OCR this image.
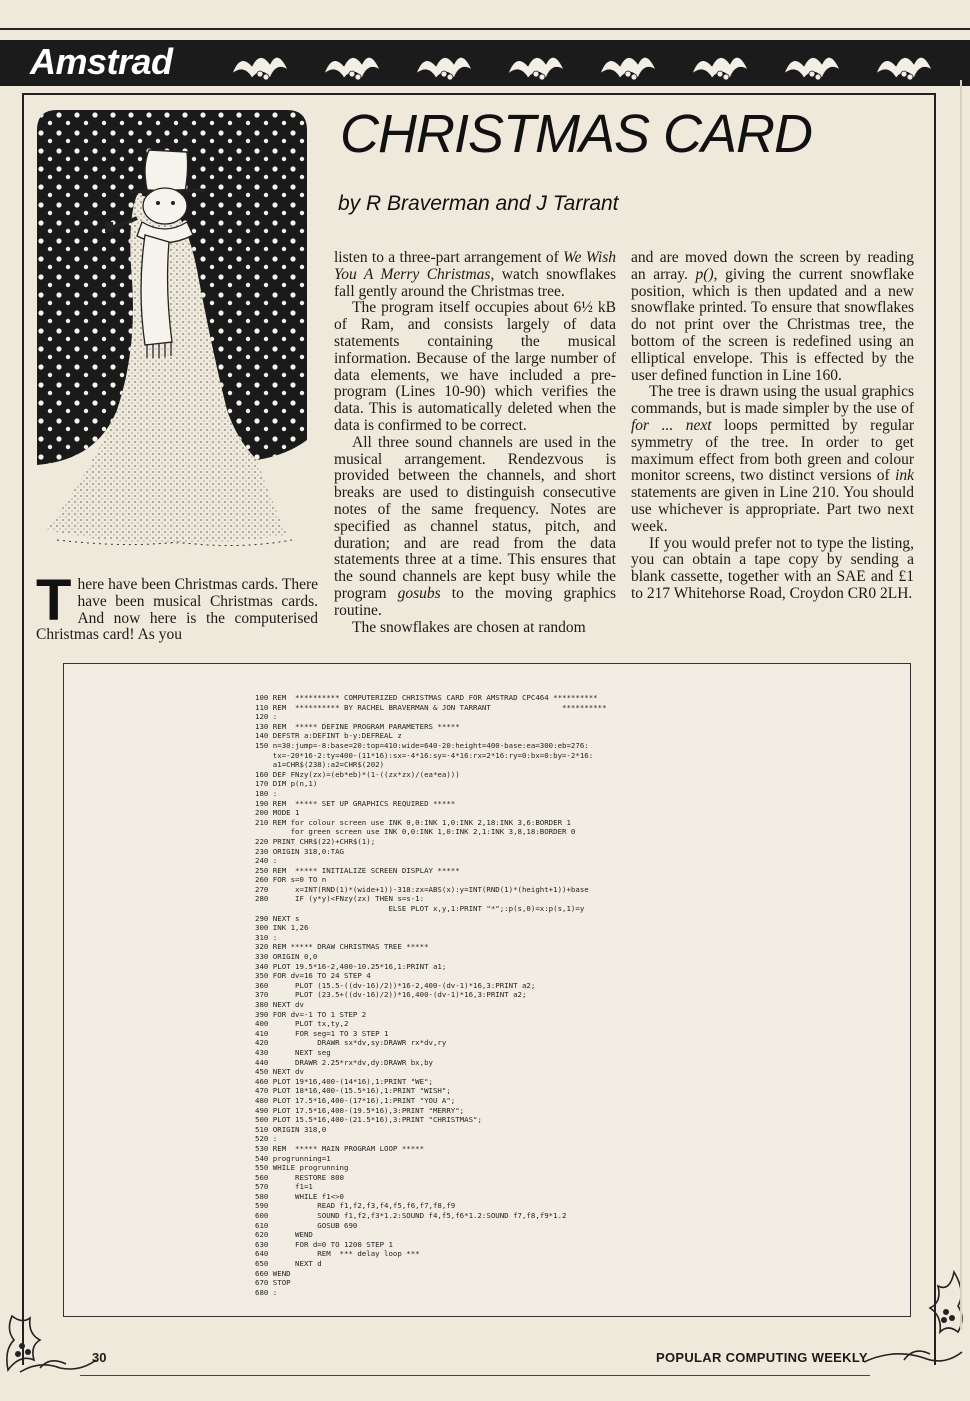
Amstrad
CHRISTMAS CARD
by R Braverman and J Tarrant

There have been Christmas cards. There have been musical Christmas cards. And now here is the computerised Christmas card! As you

listen to a three-part arrangement of We Wish You A Merry Christmas, watch snowflakes fall gently around the Christmas tree.

The program itself occupies about 6½ kB of Ram, and consists largely of data statements containing the musical information. Because of the large number of data elements, we have included a pre-program (Lines 10-90) which verifies the data. This is automatically deleted when the data is confirmed to be correct.

All three sound channels are used in the musical arrangement. Rendezvous is provided between the channels, and short breaks are used to distinguish consecutive notes of the same frequency. Notes are specified as channel status, pitch, and duration; and are read from the data statements three at a time. This ensures that the sound channels are kept busy while the program gosubs to the moving graphics routine.

The snowflakes are chosen at random

and are moved down the screen by reading an array. p(), giving the current snowflake position, which is then updated and a new snowflake printed. To ensure that snowflakes do not print over the Christmas tree, the bottom of the screen is redefined using an elliptical envelope. This is effected by the user defined function in Line 160.

The tree is drawn using the usual graphics commands, but is made simpler by the use of for ... next loops permitted by regular symmetry of the tree. In order to get maximum effect from both green and colour monitor screens, two distinct versions of ink statements are given in Line 210. You should use whichever is appropriate. Part two next week.

If you would prefer not to type the listing, you can obtain a tape copy by sending a blank cassette, together with an SAE and £1 to 217 Whitehorse Road, Croydon CR0 2LH.

100 REM  ********** COMPUTERIZED CHRISTMAS CARD FOR AMSTRAD CPC464 **********
110 REM  ********** BY RACHEL BRAVERMAN & JON TARRANT                **********
120 :
130 REM  ***** DEFINE PROGRAM PARAMETERS *****
140 DEFSTR a:DEFINT b-y:DEFREAL z
150 n=30:jump=-8:base=20:top=410:wide=640-20:height=400-base:ea=300:eb=276:
tx=-20*16-2:ty=400-(11*16):sx=-4*16:sy=-4*16:rx=2*16:ry=0:bx=0:by=-2*16:
a1=CHR$(238):a2=CHR$(202)
160 DEF FNzy(zx)=(eb*eb)*(1-((zx*zx)/(ea*ea)))
170 DIM p(n,1)
180 :
190 REM  ***** SET UP GRAPHICS REQUIRED *****
200 MODE 1
210 REM for colour screen use INK 0,0:INK 1,0:INK 2,18:INK 3,6:BORDER 1
for green screen use INK 0,0:INK 1,0:INK 2,1:INK 3,8,18:BORDER 0
220 PRINT CHR$(22)+CHR$(1);
230 ORIGIN 318,0:TAG
240 :
250 REM  ***** INITIALIZE SCREEN DISPLAY *****
260 FOR s=0 TO n
270      x=INT(RND(1)*(wide+1))-318:zx=ABS(x):y=INT(RND(1)*(height+1))+base
280      IF (y*y)<FNzy(zx) THEN s=s-1:
ELSE PLOT x,y,1:PRINT "*";:p(s,0)=x:p(s,1)=y
290 NEXT s
300 INK 1,26
310 :
320 REM ***** DRAW CHRISTMAS TREE *****
330 ORIGIN 0,0
340 PLOT 19.5*16-2,400-10.25*16,1:PRINT a1;
350 FOR dv=16 TO 24 STEP 4
360      PLOT (15.5-((dv-16)/2))*16-2,400-(dv-1)*16,3:PRINT a2;
370      PLOT (23.5+((dv-16)/2))*16,400-(dv-1)*16,3:PRINT a2;
380 NEXT dv
390 FOR dv=-1 TO 1 STEP 2
400      PLOT tx,ty,2
410      FOR seg=1 TO 3 STEP 1
420           DRAWR sx*dv,sy:DRAWR rx*dv,ry
430      NEXT seg
440      DRAWR 2.25*rx*dv,dy:DRAWR bx,by
450 NEXT dv
460 PLOT 19*16,400-(14*16),1:PRINT "WE";
470 PLOT 18*16,400-(15.5*16),1:PRINT "WISH";
480 PLOT 17.5*16,400-(17*16),1:PRINT "YOU A";
490 PLOT 17.5*16,400-(19.5*16),3:PRINT "MERRY";
500 PLOT 15.5*16,400-(21.5*16),3:PRINT "CHRISTMAS";
510 ORIGIN 318,0
520 :
530 REM  ***** MAIN PROGRAM LOOP *****
540 progrunning=1
550 WHILE progrunning
560      RESTORE 800
570      f1=1
580      WHILE f1<>0
590           READ f1,f2,f3,f4,f5,f6,f7,f8,f9
600           SOUND f1,f2,f3*1.2:SOUND f4,f5,f6*1.2:SOUND f7,f8,f9*1.2
610           GOSUB 690
620      WEND
630      FOR d=0 TO 1200 STEP 1
640           REM  *** delay loop ***
650      NEXT d
660 WEND
670 STOP
680 :
30	POPULAR COMPUTING WEEKLY
